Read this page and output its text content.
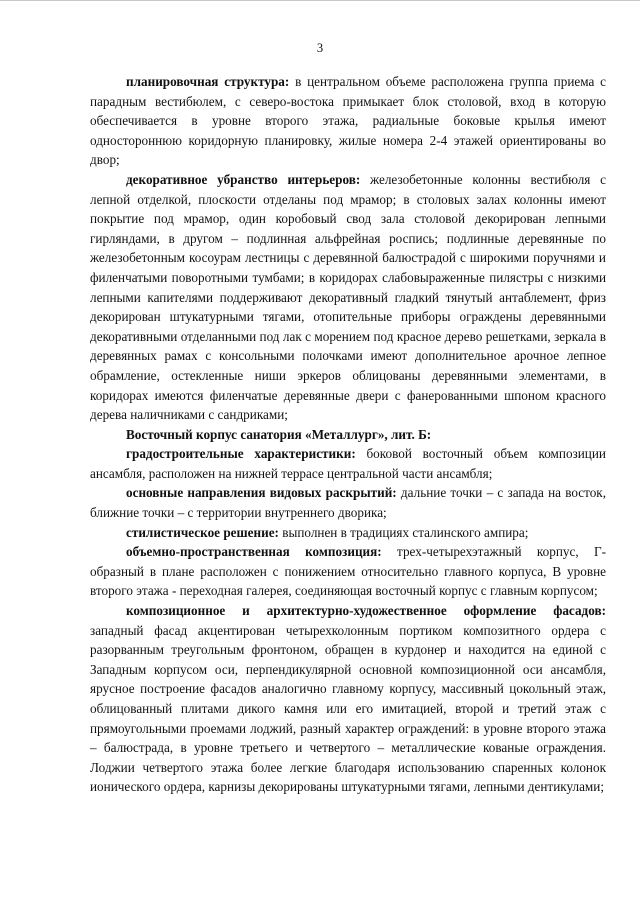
3

планировочная структура: в центральном объеме расположена группа приема с парадным вестибюлем, с северо-востока примыкает блок столовой, вход в которую обеспечивается в уровне второго этажа, радиальные боковые крылья имеют одностороннюю коридорную планировку, жилые номера 2-4 этажей ориентированы во двор;

декоративное убранство интерьеров: железобетонные колонны вестибюля с лепной отделкой, плоскости отделаны под мрамор; в столовых залах колонны имеют покрытие под мрамор, один коробовый свод зала столовой декорирован лепными гирляндами, в другом – подлинная альфрейная роспись; подлинные деревянные по железобетонным косоурам лестницы с деревянной балюстрадой с широкими поручнями и филенчатыми поворотными тумбами; в коридорах слабовыраженные пилястры с низкими лепными капителями поддерживают декоративный гладкий тянутый антаблемент, фриз декорирован штукатурными тягами, отопительные приборы ограждены деревянными декоративными отделанными под лак с морением под красное дерево решетками, зеркала в деревянных рамах с консольными полочками имеют дополнительное арочное лепное обрамление, остекленные ниши эркеров облицованы деревянными элементами, в коридорах имеются филенчатые деревянные двери с фанерованными шпоном красного дерева наличниками с сандриками;

Восточный корпус санатория «Металлург», лит. Б:

градостроительные характеристики: боковой восточный объем композиции ансамбля, расположен на нижней террасе центральной части ансамбля;

основные направления видовых раскрытий: дальние точки – с запада на восток, ближние точки – с территории внутреннего дворика;

стилистическое решение: выполнен в традициях сталинского ампира;

объемно-пространственная композиция: трех-четырехэтажный корпус, Г-образный в плане расположен с понижением относительно главного корпуса, В уровне второго этажа - переходная галерея, соединяющая восточный корпус с главным корпусом;

композиционное и архитектурно-художественное оформление фасадов: западный фасад акцентирован четырехколонным портиком композитного ордера с разорванным треугольным фронтоном, обращен в курдонер и находится на единой с Западным корпусом оси, перпендикулярной основной композиционной оси ансамбля, ярусное построение фасадов аналогично главному корпусу, массивный цокольный этаж, облицованный плитами дикого камня или его имитацией, второй и третий этаж с прямоугольными проемами лоджий, разный характер ограждений: в уровне второго этажа – балюстрада, в уровне третьего и четвертого – металлические кованые ограждения. Лоджии четвертого этажа более легкие благодаря использованию спаренных колонок ионического ордера, карнизы декорированы штукатурными тягами, лепными дентикулами;
